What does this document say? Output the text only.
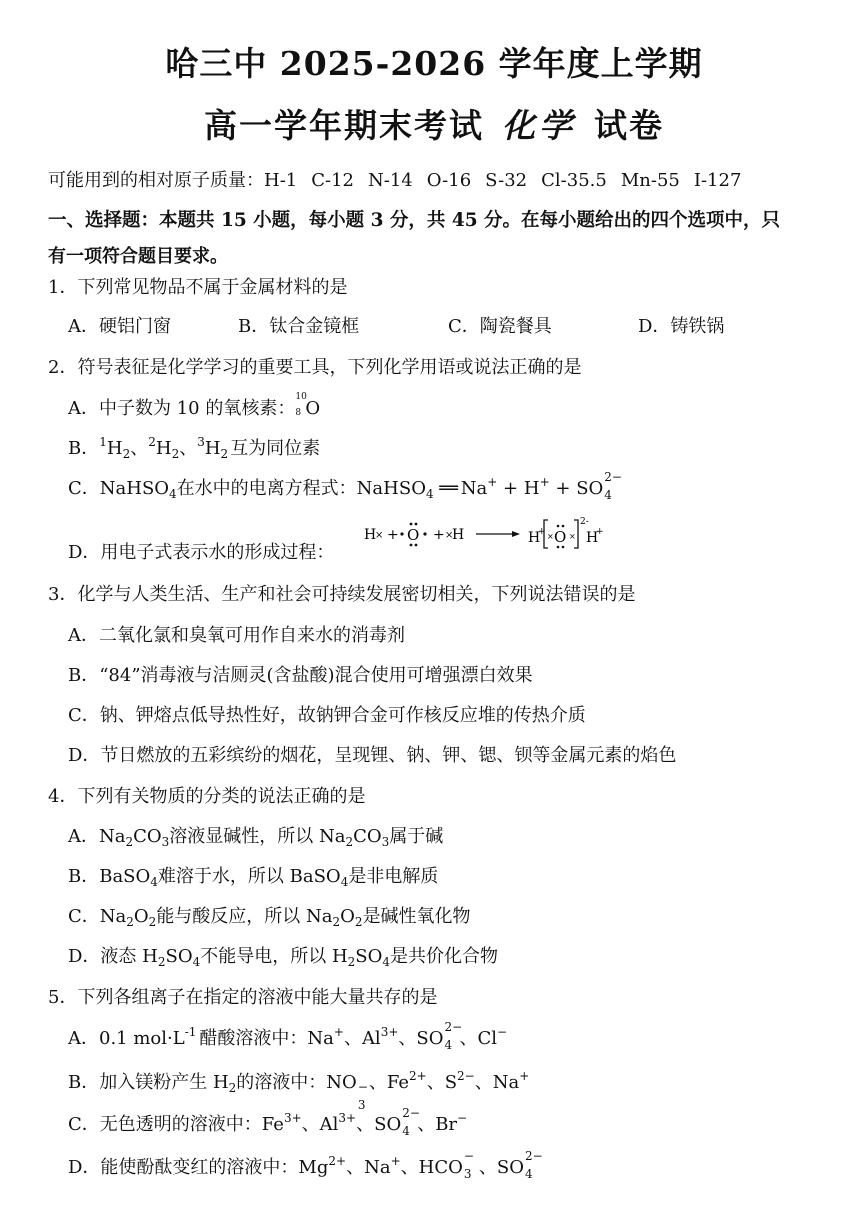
哈三中 2025-2026 学年度上学期
高一学年期末考试 化学 试卷
可能用到的相对原子质量：H-1 C-12 N-14 O-16 S-32 Cl-35.5 Mn-55 I-127
一、选择题：本题共 15 小题，每小题 3 分，共 45 分。在每小题给出的四个选项中，只
有一项符合题目要求。
1．下列常见物品不属于金属材料的是
A．硬铝门窗	B．钛合金镜框	C．陶瓷餐具	D．铸铁锅
2．符号表征是化学学习的重要工具，下列化学用语或说法正确的是
A．中子数为 10 的氧核素：
10
8 O
B．$^1H_2$、$^2H_2$、$^3H_2$ 互为同位素
C．NaHSO$_4$在水中的电离方程式：NaHSO$_4$ ══ Na+ + H+ + SO
2−
4
D．用电子式表示水的形成过程：
H
× + O + ×
H	H
+ O
× ×
2-
H
+
3．化学与人类生活、生产和社会可持续发展密切相关，下列说法错误的是
A．二氧化氯和臭氧可用作自来水的消毒剂
B．“84”消毒液与洁厕灵(含盐酸)混合使用可增强漂白效果
C．钠、钾熔点低导热性好，故钠钾合金可作核反应堆的传热介质
D．节日燃放的五彩缤纷的烟花，呈现锂、钠、钾、锶、钡等金属元素的焰色
4．下列有关物质的分类的说法正确的是
A．$Na_2CO_3$溶液显碱性，所以 $Na_2CO_3$属于碱
B．BaSO$_4$难溶于水，所以 BaSO$_4$是非电解质
C．$Na_2O_2$能与酸反应，所以 $Na_2O_2$是碱性氧化物
D．液态 $H_2SO_4$不能导电，所以 $H_2SO_4$是共价化合物
5．下列各组离子在指定的溶液中能大量共存的是
A．0.1 $mol\cdot L^{-1}$ 醋酸溶液中：Na+、$Al^{3+}$、SO
2−
4 、Cl−
B．加入镁粉产生 $H_2$的溶液中：NO −
3
、$Fe^{2+}$、$S^{2-}$、Na+
C．无色透明的溶液中：$Fe^{3+}$、$Al^{3+}$、SO
2−
4 、Br−
D．能使酚酞变红的溶液中：$Mg^{2+}$、Na+、HCO
−
3 、SO
2−
4
